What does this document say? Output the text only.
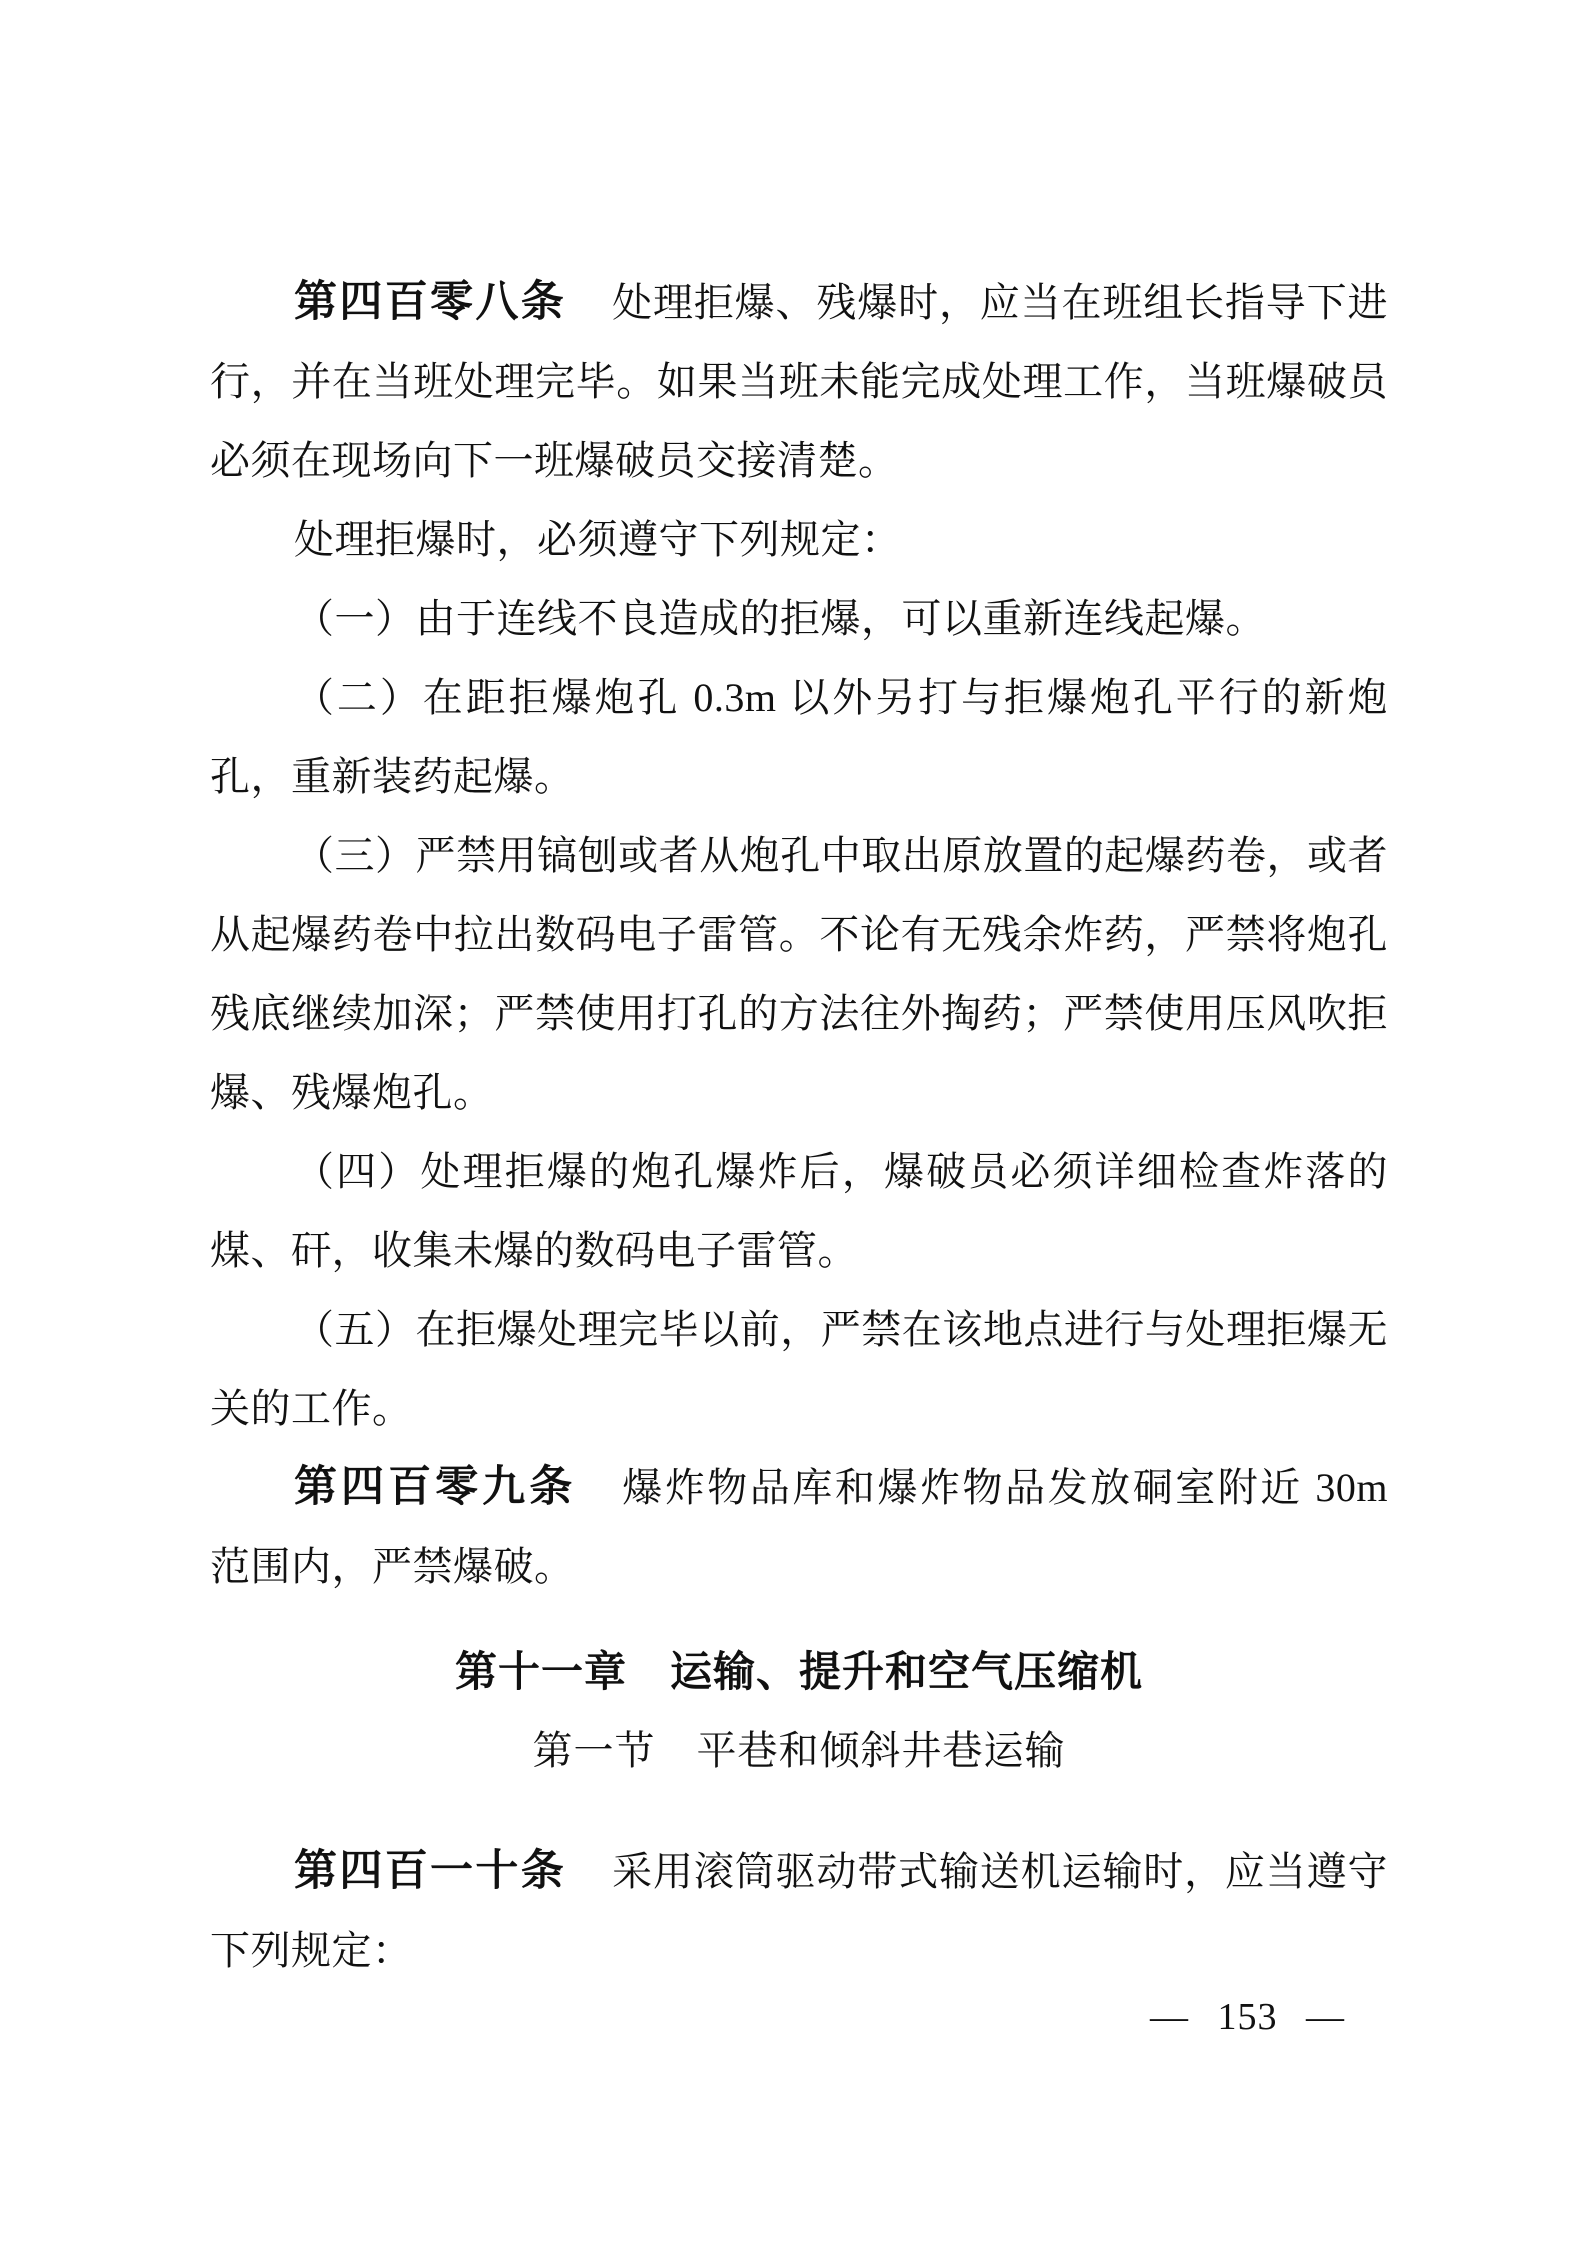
第四百零八条 处理拒爆、残爆时，应当在班组长指导下进行，并在当班处理完毕。如果当班未能完成处理工作，当班爆破员必须在现场向下一班爆破员交接清楚。

处理拒爆时，必须遵守下列规定：

（一）由于连线不良造成的拒爆，可以重新连线起爆。

（二）在距拒爆炮孔 0.3m 以外另打与拒爆炮孔平行的新炮孔，重新装药起爆。

（三）严禁用镐刨或者从炮孔中取出原放置的起爆药卷，或者从起爆药卷中拉出数码电子雷管。不论有无残余炸药，严禁将炮孔残底继续加深；严禁使用打孔的方法往外掏药；严禁使用压风吹拒爆、残爆炮孔。

（四）处理拒爆的炮孔爆炸后，爆破员必须详细检查炸落的煤、矸，收集未爆的数码电子雷管。

（五）在拒爆处理完毕以前，严禁在该地点进行与处理拒爆无关的工作。

第四百零九条 爆炸物品库和爆炸物品发放硐室附近 30m 范围内，严禁爆破。

第十一章　运输、提升和空气压缩机
第一节　平巷和倾斜井巷运输

第四百一十条 采用滚筒驱动带式输送机运输时，应当遵守下列规定：

— 153 —
